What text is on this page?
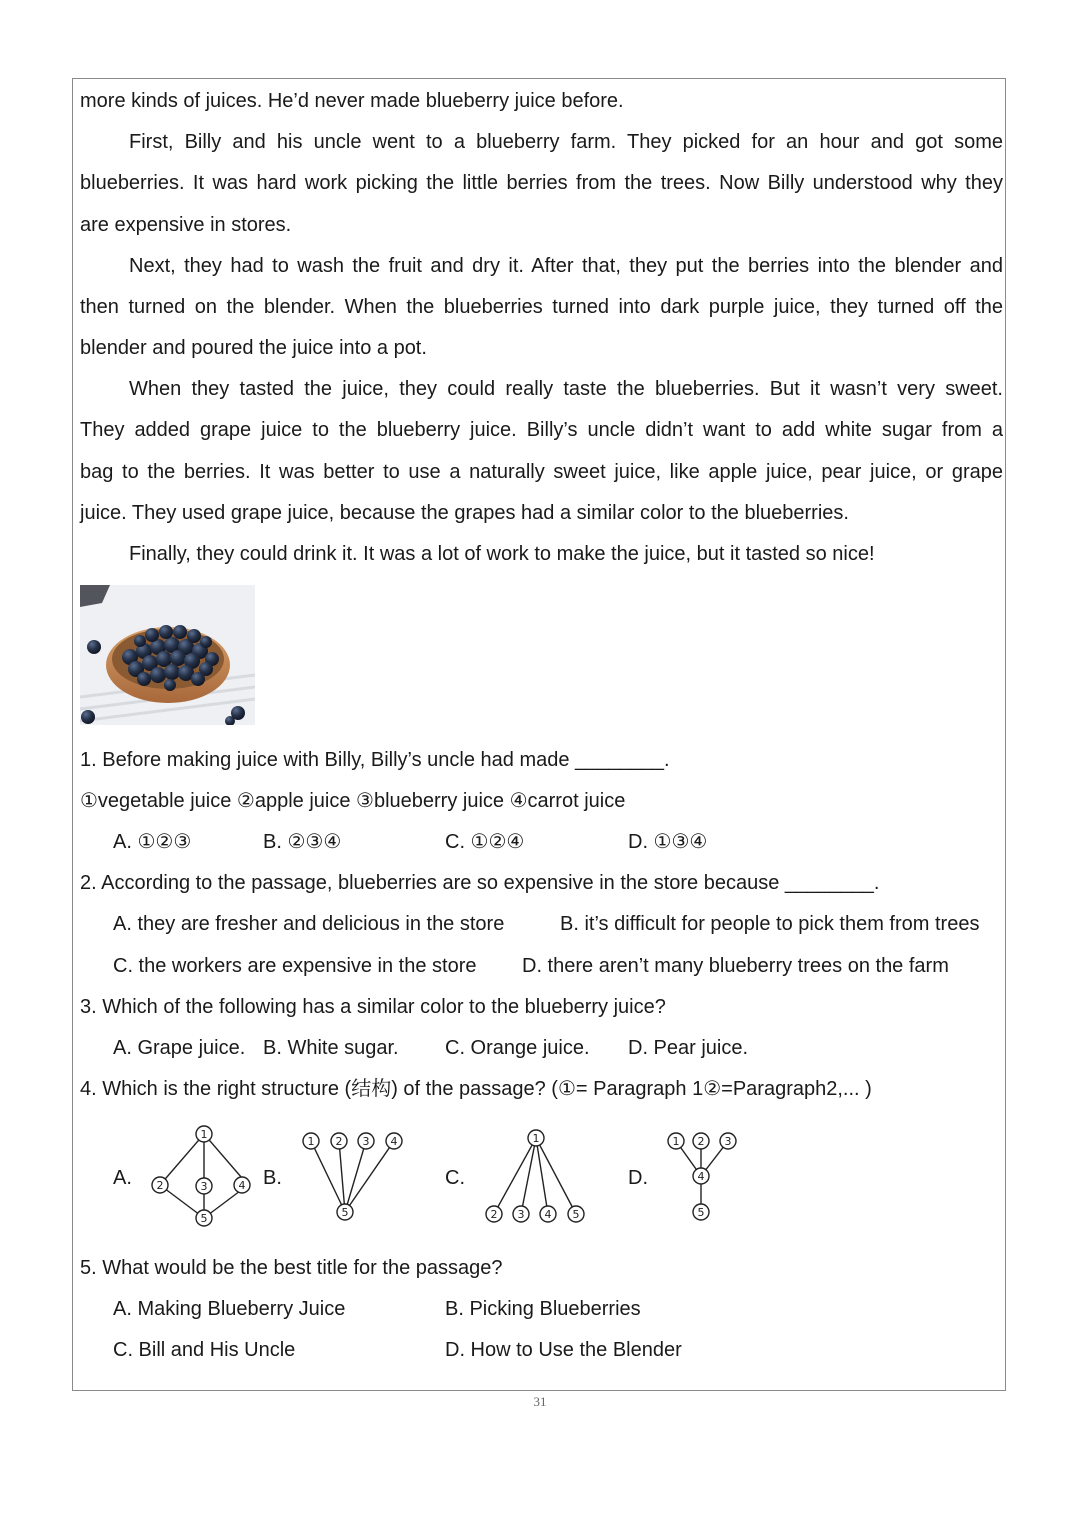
more kinds of juices. He’d never made blueberry juice before.
First, Billy and his uncle went to a blueberry farm. They picked for an hour and got some
blueberries. It was hard work picking the little berries from the trees. Now Billy understood why they
are expensive in stores.
Next, they had to wash the fruit and dry it. After that, they put the berries into the blender and
then turned on the blender. When the blueberries turned into dark purple juice, they turned off the
blender and poured the juice into a pot.
When they tasted the juice, they could really taste the blueberries. But it wasn’t very sweet.
They added grape juice to the blueberry juice. Billy’s uncle didn’t want to add white sugar from a
bag to the berries. It was better to use a naturally sweet juice, like apple juice, pear juice, or grape
juice. They used grape juice, because the grapes had a similar color to the blueberries.
Finally, they could drink it. It was a lot of work to make the juice, but it tasted so nice!
1. Before making juice with Billy, Billy’s uncle had made ________.
①vegetable juice ②apple juice ③blueberry juice ④carrot juice
A. ①②③	B. ②③④	C. ①②④	D. ①③④
2. According to the passage, blueberries are so expensive in the store because ________.
A. they are fresher and delicious in the store	B. it’s difficult for people to pick them from trees
C. the workers are expensive in the store D. there aren’t many blueberry trees on the farm
3. Which of the following has a similar color to the blueberry juice?
A. Grape juice. B. White sugar. C. Orange juice. D. Pear juice.
4. Which is the right structure (结构) of the passage? (①= Paragraph 1②=Paragraph2,... )
A.	B.	C.	D.
1
2	3	4
5
1 2 3 4
5
1
2 3 4 5
1 2 3
4
5
5. What would be the best title for the passage?
A. Making Blueberry Juice	B. Picking Blueberries
C. Bill and His Uncle	D. How to Use the Blender
31
